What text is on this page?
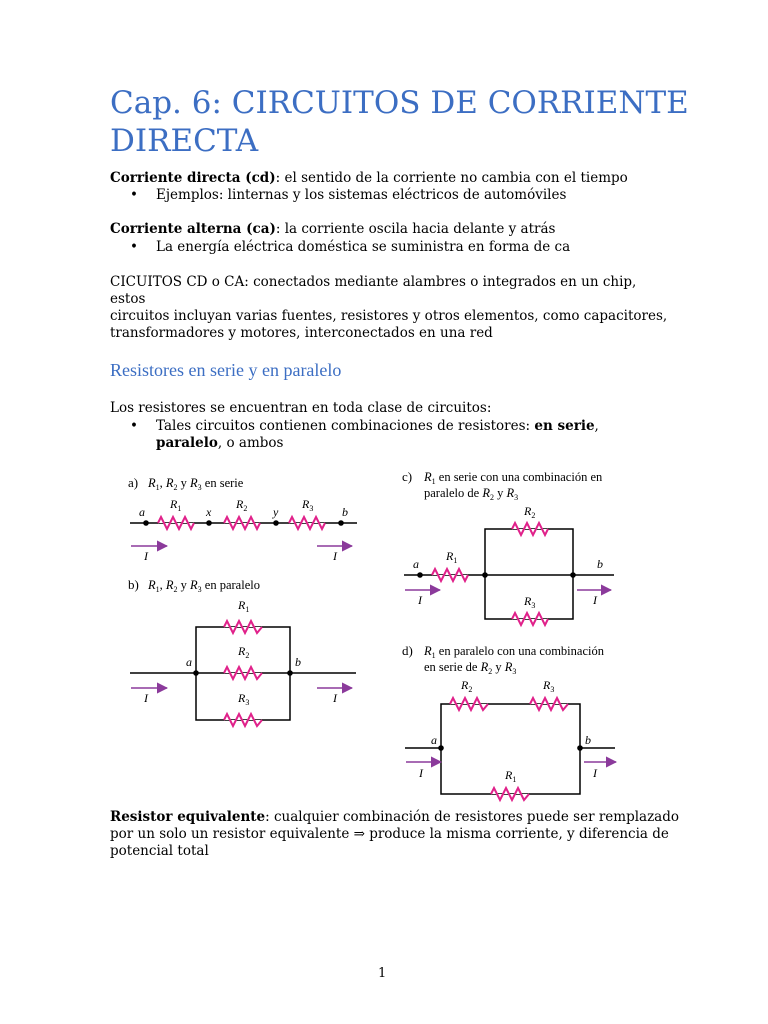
Cap. 6: CIRCUITOS DE CORRIENTE DIRECTA
Corriente directa (cd): el sentido de la corriente no cambia con el tiempo
• Ejemplos: linternas y los sistemas eléctricos de automóviles
Corriente alterna (ca): la corriente oscila hacia delante y atrás
• La energía eléctrica doméstica se suministra en forma de ca
CICUITOS CD o CA: conectados mediante alambres o integrados en un chip, estos
circuitos incluyan varias fuentes, resistores y otros elementos, como capacitores,
transformadores y motores, interconectados en una red
Resistores en serie y en paralelo
Los resistores se encuentran en toda clase de circuitos:
• Tales circuitos contienen combinaciones de resistores: en serie, paralelo, o ambos
a) $R_1$, $R_2$ y $R_3$ en serie
a	x	y	b
$R_1$	$R_2$	$R_3$
I	I
b) $R_1$, $R_2$ y $R_3$ en paralelo
a	b
$R_1$
$R_2$
$R_3$
I	I
c) $R_1$ en serie con una combinación en
paralelo de $R_2$ y $R_3$
a	b
$R_1$
$R_2$
$R_3$
I	I
d) $R_1$ en paralelo con una combinación
en serie de $R_2$ y $R_3$
a	b
$R_2$	$R_3$
$R_1$
I	I
Resistor equivalente: cualquier combinación de resistores puede ser remplazado
por un solo un resistor equivalente ⇒ produce la misma corriente, y diferencia de
potencial total
1
